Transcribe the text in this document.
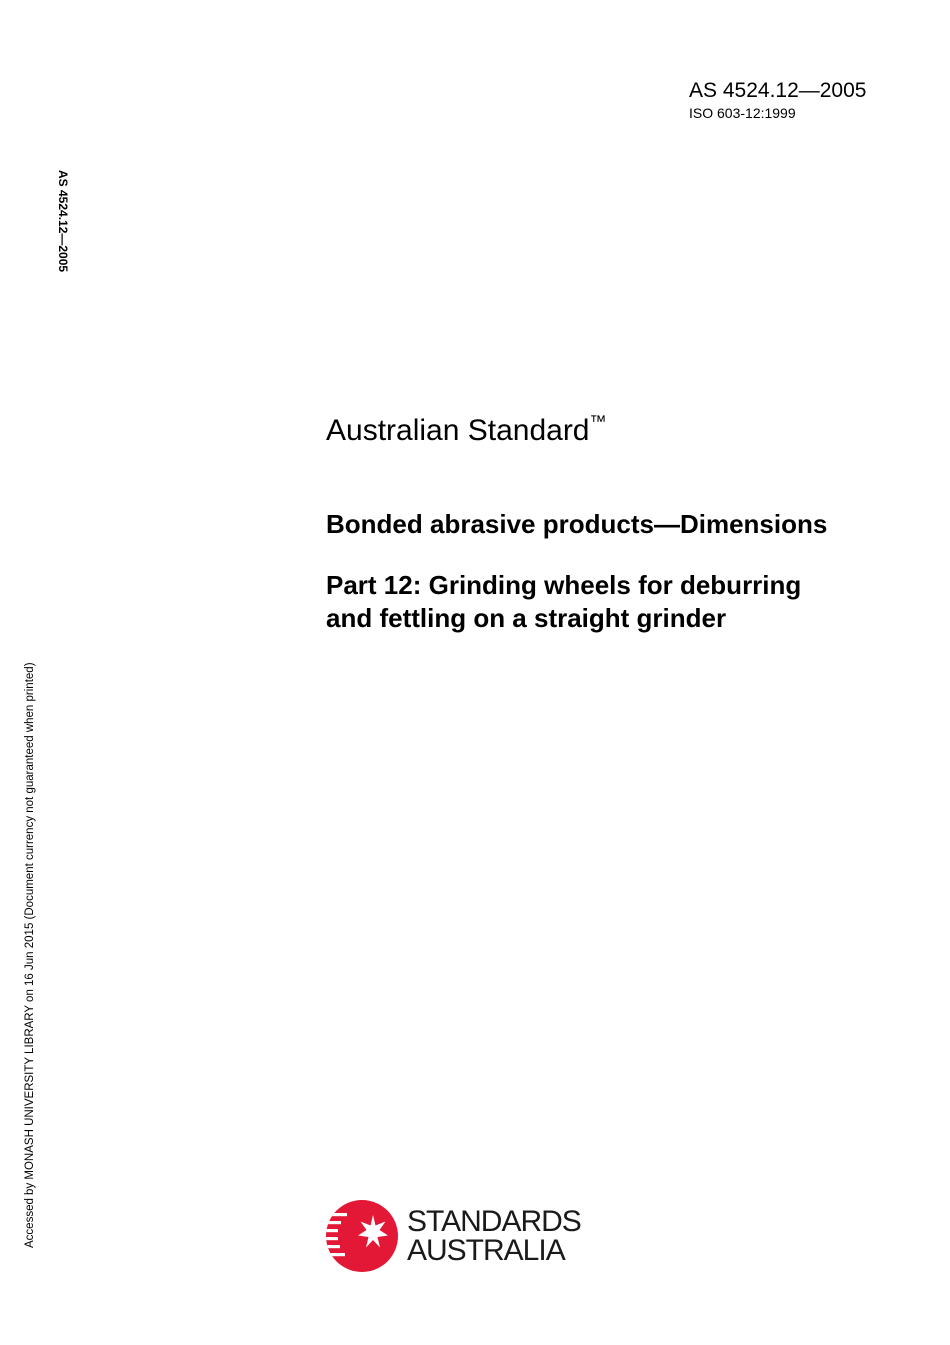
AS 4524.12—2005
ISO 603-12:1999
AS 4524.12—2005
Accessed by MONASH UNIVERSITY LIBRARY on 16 Jun 2015 (Document currency not guaranteed when printed)
Australian Standard™
Bonded abrasive products—Dimensions
Part 12: Grinding wheels for deburring
and fettling on a straight grinder
STANDARDS
AUSTRALIA
